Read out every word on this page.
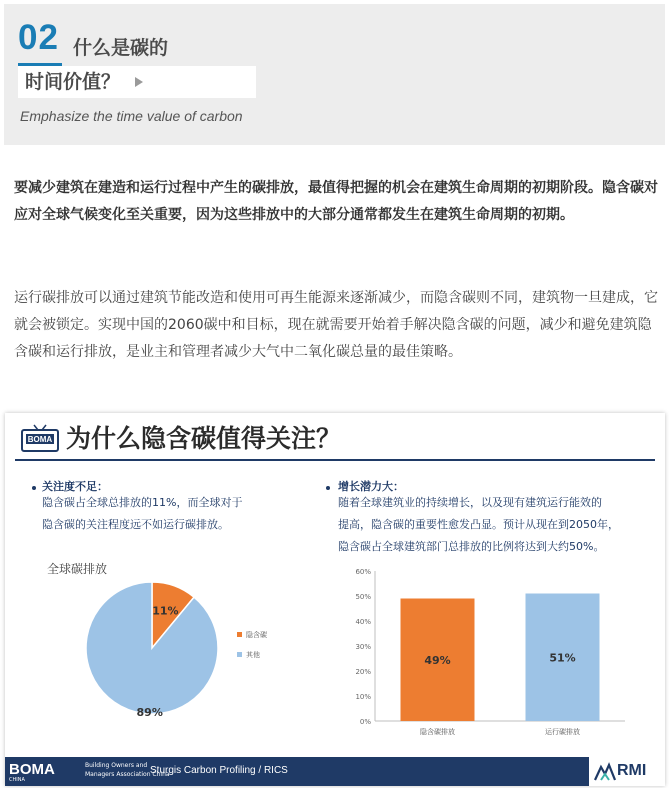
02 什么是碳的
时间价值？
Emphasize the time value of carbon

要减少建筑在建造和运行过程中产生的碳排放，最值得把握的机会在建筑生命周期的初期阶段。隐含碳对应对全球气候变化至关重要，因为这些排放中的大部分通常都发生在建筑生命周期的初期。

运行碳排放可以通过建筑节能改造和使用可再生能源来逐渐减少，而隐含碳则不同，建筑物一旦建成，它就会被锁定。实现中国的2060碳中和目标，现在就需要开始着手解决隐含碳的问题，减少和避免建筑隐含碳和运行排放，是业主和管理者减少大气中二氧化碳总量的最佳策略。

BOMA 为什么隐含碳值得关注？
关注度不足：
隐含碳占全球总排放的11%，而全球对于
隐含碳的关注程度远不如运行碳排放。
增长潜力大：
随着全球建筑业的持续增长，以及现有建筑运行能效的
提高，隐含碳的重要性愈发凸显。预计从现在到2050年，
隐含碳占全球建筑部门总排放的比例将达到大约50%。
全球碳排放
11%
89%
隐含碳
其他
0%
10%
20%
30%
40%
50%
60%
49%
隐含碳排放
51%
运行碳排放
BOMA
CHINA
Building Owners and
Managers Association China
Sturgis Carbon Profiling / RICS	RMI
